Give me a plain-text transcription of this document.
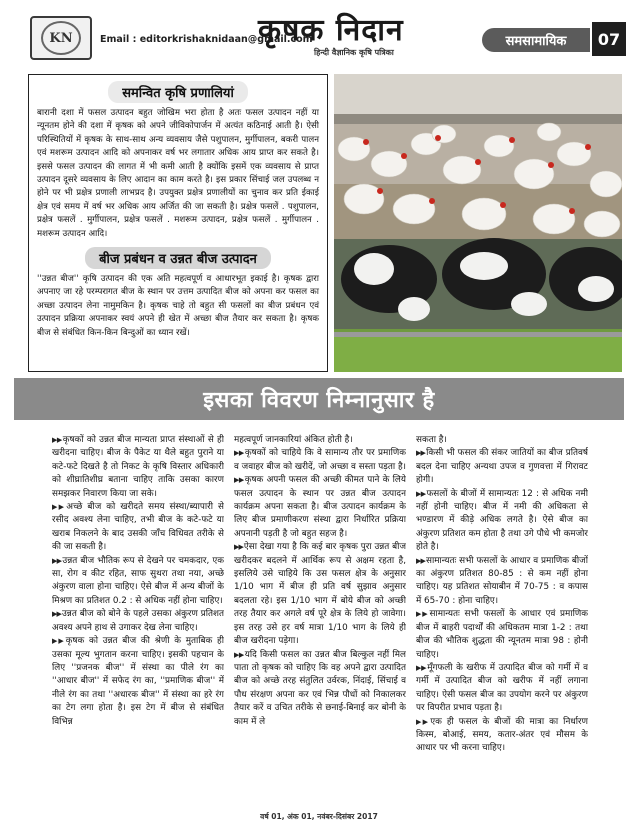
KN	Email : editorkrishaknidaan@gmail.com
कृषक निदान
हिन्दी वैज्ञानिक कृषि पत्रिका
समसामायिक	07
समन्वित कृषि प्रणालियां

बारानी दशा में फसल उत्पादन बहुत जोखिम भरा होता है अतः फसल उत्पादन नहीं या न्यूनतम होने की दशा में कृषक को अपने जीविकोपार्जन में अत्यंत कठिनाई आती है। ऐसी परिस्थितियों में कृषक के साथ-साथ अन्य व्यवसाय जैसे पशुपालन, मुर्गीपालन, बकरी पालन एवं मशरूम उत्पादन आदि को अपनाकर वर्ष भर लगातार अधिक आय प्राप्त कर सकते है। इससे फसल उत्पादन की लागत में भी कमी आती है क्योंकि इसमें एक व्यवसाय से प्राप्त उत्पादन दूसरे व्यवसाय के लिए आदान का काम करते है। इस प्रकार सिंचाई जल उपलब्ध न होने पर भी प्रक्षेत्र प्रणाली लाभप्रद है। उपयुक्त प्रक्षेत्र प्रणालीयों का चुनाव कर प्रति ईकाई क्षेत्र एवं समय में वर्ष भर अधिक आय अर्जित की जा सकती है। प्रक्षेत्र फसलें . पशुपालन, प्रक्षेत्र फसलें . मुर्गीपालन, प्रक्षेत्र फसलें . मशरूम उत्पादन, प्रक्षेत्र फसलें . मुर्गीपालन . मशरूम उत्पादन आदि।

बीज प्रबंधन व उन्नत बीज उत्पादन

''उन्नत बीज'' कृषि उत्पादन की एक अति महत्वपूर्ण व आधारभूत इकाई है। कृषक द्वारा अपनाए जा रहे परम्परागत बीज के स्थान पर उत्तम उत्पादित बीज को अपना कर फसल का अच्छा उत्पादन लेना नामुमकिन है। कृषक चाहे तो बहुत सी फसलों का बीज प्रबंधन एवं उत्पादन प्रक्रिया अपनाकर स्वयं अपने ही खेत में अच्छा बीज तैयार कर सकता है। कृषक बीज से संबंधित किन-किन बिन्दुओं का ध्यान रखें।

इसका विवरण निम्नानुसार है

▶▶कृषकों को उन्नत बीज मान्यता प्राप्त संस्थाओं से ही खरीदना चाहिए। बीज के पैकेट या थैले बहुत पुराने या कटे-फटे दिखते है तो निकट के कृषि विस्तार अधिकारी को शीघ्रातिशीघ्र बताना चाहिए ताकि उसका कारण समझकर निवारण किया जा सके।

▶▶अच्छे बीज को खरीदते समय संस्था/ब्यापारी से रसीद अवश्य लेना चाहिए, तभी बीज के कटे-फटे या खराब निकलने के बाद उसकी जाँच विधिवत तरीके से की जा सकती है।

▶▶उन्नत बीज भौतिक रूप से देखने पर चमकदार, एक सा, रोग व कीट रहित, साफ सुथरा तथा नया, अच्छे अंकुरण वाला होना चाहिए। ऐसे बीज में अन्य बीजों के मिश्रण का प्रतिशत 0.2 : से अधिक नहीं होना चाहिए।

▶▶उन्नत बीज को बोने के पहले उसका अंकुरण प्रतिशत अवश्य अपने हाथ से उगाकर देख लेना चाहिए।

▶▶कृषक को उन्नत बीज की श्रेणी के मुताबिक ही उसका मूल्य भुगतान करना चाहिए। इसकी पहचान के लिए ''प्रजनक बीज'' में संस्था का पीले रंग का ''आधार बीज'' में सफेद रंग का, ''प्रमाणिक बीज'' में नीले रंग का तथा ''अधारक बीज'' में संस्था का हरे रंग का टेग लगा होता है। इस टेग में बीज से संबंधित विभिन्न

महत्वपूर्ण जानकारियां अंकित होती है।

▶▶कृषकों को चाहिये कि वे सामान्य तौर पर प्रमाणिक व जवाहर बीज को खरीदें, जो अच्छा व सस्ता पड़ता है।

▶▶कृषक अपनी फसल की अच्छी कीमत पाने के लिये फसल उत्पादन के स्थान पर उन्नत बीज उत्पादन कार्यक्रम अपना सकता है। बीज उत्पादन कार्यक्रम के लिए बीज प्रमाणीकरण संस्था द्वारा निर्धारित प्रक्रिया अपनानी पड़ती है जो बहुत सहज है।

▶▶ऐसा देखा गया है कि कई बार कृषक पुरा उन्नत बीज खरीदकर बदलने में आर्थिक रूप से अक्षम रहता है, इसलिये उसे चाहिये कि उस फसल क्षेत्र के अनुसार 1/10 भाग में बीज ही प्रति वर्ष सुझाव अनुसार बदलता रहे। इस 1/10 भाग में बोये बीज को अच्छी तरह तैयार कर अगले वर्ष पूरे क्षेत्र के लिये हो जावेगा। इस तरह उसे हर वर्ष मात्रा 1/10 भाग के लिये ही बीज खरीदना पड़ेगा।

▶▶यदि किसी फसल का उन्नत बीज बिल्कुल नहीं मिल पाता तो कृषक को चाहिए कि वह अपने द्वारा उत्पादित बीज को अच्छे तरह संतुलित उर्वरक, निंदाई, सिंचाई व पौध संरक्षण अपना कर एवं भिन्न पौधों को निकालकर तैयार करें व उचित तरीके से छनाई-बिनाई कर बोनी के काम में ले

सकता है।

▶▶किसी भी फसल की संकर जातियों का बीज प्रतिवर्ष बदल देना चाहिए अन्यथा उपज व गुणवत्ता में गिरावट होगी।

▶▶फसलों के बीजों में सामान्यतः 12 : से अधिक नमी नहीं होनी चाहिए। बीज में नमी की अधिकता से भण्डारण में कीड़े अधिक लगते है। ऐसे बीज का अंकुरण प्रतिशत कम होता है तथा उगे पौधे भी कमजोर होते है।

▶▶सामान्यतः सभी फसलों के आधार व प्रमाणिक बीजों का अंकुरण प्रतिशत 80-85 : से कम नहीं होना चाहिए। यह प्रतिशत सोयाबीन में 70-75 : व कपास में 65-70 : होना चाहिए।

▶▶सामान्यतः सभी फसलों के आधार एवं प्रमाणिक बीज में बाहरी पदार्थों की अधिकतम मात्रा 1-2 : तथा बीज की भौतिक शुद्धता की न्यूनतम मात्रा 98 : होनी चाहिए।

▶▶मूँगफली के खरीफ में उत्पादित बीज को गर्मी में व गर्मी में उत्पादित बीज को खरीफ में नहीं लगाना चाहिए। ऐसी फसल बीज का उपयोग करने पर अंकुरण पर विपरीत प्रभाव पड़ता है।

▶▶एक ही फसल के बीजों की मात्रा का निर्धारण किस्म, बोआई, समय, कतार-अंतर एवं मौसम के आधार पर भी करना चाहिए।

वर्ष 01, अंक 01, नवंबर-दिसंबर 2017
